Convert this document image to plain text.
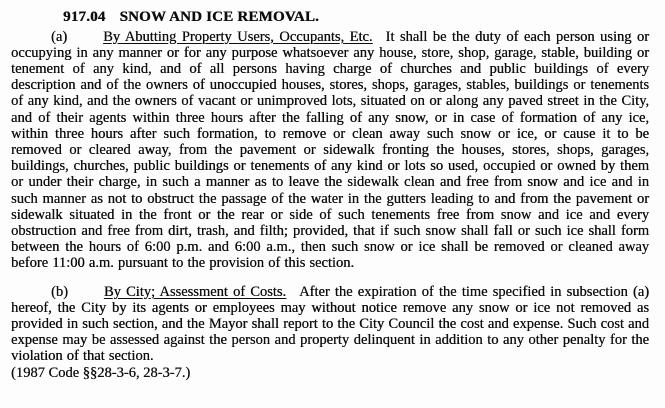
917.04 SNOW AND ICE REMOVAL.

(a) By Abutting Property Users, Occupants, Etc. It shall be the duty of each person using or occupying in any manner or for any purpose whatsoever any house, store, shop, garage, stable, building or tenement of any kind, and of all persons having charge of churches and public buildings of every description and of the owners of unoccupied houses, stores, shops, garages, stables, buildings or tenements of any kind, and the owners of vacant or unimproved lots, situated on or along any paved street in the City, and of their agents within three hours after the falling of any snow, or in case of formation of any ice, within three hours after such formation, to remove or clean away such snow or ice, or cause it to be removed or cleared away, from the pavement or sidewalk fronting the houses, stores, shops, garages, buildings, churches, public buildings or tenements of any kind or lots so used, occupied or owned by them or under their charge, in such a manner as to leave the sidewalk clean and free from snow and ice and in such manner as not to obstruct the passage of the water in the gutters leading to and from the pavement or sidewalk situated in the front or the rear or side of such tenements free from snow and ice and every obstruction and free from dirt, trash, and filth; provided, that if such snow shall fall or such ice shall form between the hours of 6:00 p.m. and 6:00 a.m., then such snow or ice shall be removed or cleaned away before 11:00 a.m. pursuant to the provision of this section.

(b) By City; Assessment of Costs. After the expiration of the time specified in subsection (a) hereof, the City by its agents or employees may without notice remove any snow or ice not removed as provided in such section, and the Mayor shall report to the City Council the cost and expense. Such cost and expense may be assessed against the person and property delinquent in addition to any other penalty for the violation of that section.

(1987 Code §§28-3-6, 28-3-7.)
